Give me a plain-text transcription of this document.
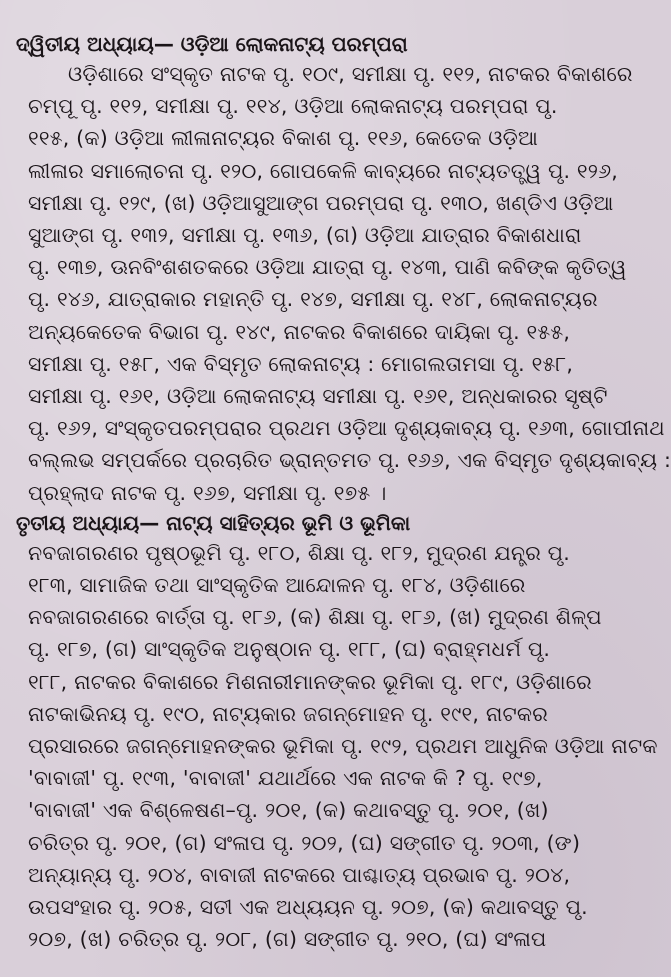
ଦ୍ୱିତୀୟ ଅଧ୍ୟାୟ— ଓଡ଼ିଆ ଲୋକନାଟ୍ୟ ପରମ୍ପରା
ଓଡ଼ିଶାରେ ସଂସ୍କୃତ ନାଟକ ପୃ. ୧୦୯, ସମୀକ୍ଷା ପୃ. ୧୧୨, ନାଟକର ବିକାଶରେ
ଚମ୍ପୂ ପୃ. ୧୧୨, ସମୀକ୍ଷା ପୃ. ୧୧୪, ଓଡ଼ିଆ ଲୋକନାଟ୍ୟ ପରମ୍ପରା ପୃ.
୧୧୫, (କ) ଓଡ଼ିଆ ଲୀଳାନାଟ୍ୟର ବିକାଶ ପୃ. ୧୧୬, କେତେକ ଓଡ଼ିଆ
ଲୀଳାର ସମାଲୋଚନା ପୃ. ୧୨୦, ଗୋପକେଳି କାବ୍ୟରେ ନାଟ୍ୟତତ୍ତ୍ୱ ପୃ. ୧୨୬,
ସମୀକ୍ଷା ପୃ. ୧୨୯, (ଖ) ଓଡ଼ିଆସୁଆଙ୍ଗ ପରମ୍ପରା ପୃ. ୧୩୦, ଖଣ୍ଡିଏ ଓଡ଼ିଆ
ସୁଆଙ୍ଗ ପୃ. ୧୩୨, ସମୀକ୍ଷା ପୃ. ୧୩୬, (ଗ) ଓଡ଼ିଆ ଯାତ୍ରାର ବିକାଶଧାରା
ପୃ. ୧୩୭, ଊନବିଂଶଶତକରେ ଓଡ଼ିଆ ଯାତ୍ରା ପୃ. ୧୪୩, ପାଣି କବିଙ୍କ କୃତିତ୍ୱ
ପୃ. ୧୪୬, ଯାତ୍ରାକାର ମହାନ୍ତି ପୃ. ୧୪୭, ସମୀକ୍ଷା ପୃ. ୧୪୮, ଲୋକନାଟ୍ୟର
ଅନ୍ୟକେତେକ ବିଭାଗ ପୃ. ୧୪୯, ନାଟକର ବିକାଶରେ ଦାୟିକା ପୃ. ୧୫୫,
ସମୀକ୍ଷା ପୃ. ୧୫୮, ଏକ ବିସ୍ମୃତ ଲୋକନାଟ୍ୟ : ମୋଗଲତାମସା ପୃ. ୧୫୮,
ସମୀକ୍ଷା ପୃ. ୧୬୧, ଓଡ଼ିଆ ଲୋକନାଟ୍ୟ ସମୀକ୍ଷା ପୃ. ୧୬୧, ଅନ୍ଧକାରର ସୃଷ୍ଟି
ପୃ. ୧୬୨, ସଂସ୍କୃତପରମ୍ପରାର ପ୍ରଥମ ଓଡ଼ିଆ ଦୃଶ୍ୟକାବ୍ୟ ପୃ. ୧୬୩, ଗୋପୀନାଥ
ବଲ୍ଲଭ ସମ୍ପର୍କରେ ପ୍ରଚାରିତ ଭ୍ରାନ୍ତମତ ପୃ. ୧୬୬, ଏକ ବିସ୍ମୃତ ଦୃଶ୍ୟକାବ୍ୟ :
ପ୍ରହ୍ଲାଦ ନାଟକ ପୃ. ୧୬୭, ସମୀକ୍ଷା ପୃ. ୧୭୫ ।
ତୃତୀୟ ଅଧ୍ୟାୟ— ନାଟ୍ୟ ସାହିତ୍ୟର ଭୂମି ଓ ଭୂମିକା
ନବଜାଗରଣର ପୃଷ୍ଠଭୂମି ପୃ. ୧୮୦, ଶିକ୍ଷା ପୃ. ୧୮୨, ମୁଦ୍ରଣ ଯନ୍ତ୍ର ପୃ.
୧୮୩, ସାମାଜିକ ତଥା ସାଂସ୍କୃତିକ ଆନ୍ଦୋଳନ ପୃ. ୧୮୪, ଓଡ଼ିଶାରେ
ନବଜାଗରଣରେ ବାର୍ତ୍ତା ପୃ. ୧୮୬, (କ) ଶିକ୍ଷା ପୃ. ୧୮୬, (ଖ) ମୁଦ୍ରଣ ଶିଳ୍ପ
ପୃ. ୧୮୭, (ଗ) ସାଂସ୍କୃତିକ ଅନୁଷ୍ଠାନ ପୃ. ୧୮୮, (ଘ) ବ୍ରାହ୍ମଧର୍ମ ପୃ.
୧୮୮, ନାଟକର ବିକାଶରେ ମିଶନାରୀମାନଙ୍କର ଭୂମିକା ପୃ. ୧୮୯, ଓଡ଼ିଶାରେ
ନାଟକାଭିନୟ ପୃ. ୧୯୦, ନାଟ୍ୟକାର ଜଗନ୍ମୋହନ ପୃ. ୧୯୧, ନାଟକର
ପ୍ରସାରରେ ଜଗନ୍ମୋହନଙ୍କର ଭୂମିକା ପୃ. ୧୯୨, ପ୍ରଥମ ଆଧୁନିକ ଓଡ଼ିଆ ନାଟକ
'ବାବାଜୀ' ପୃ. ୧୯୩, 'ବାବାଜୀ' ଯଥାର୍ଥରେ ଏକ ନାଟକ କି ? ପୃ. ୧୯୭,
'ବାବାଜୀ' ଏକ ବିଶ୍ଳେଷଣ–ପୃ. ୨୦୧, (କ) କଥାବସ୍ତୁ ପୃ. ୨୦୧, (ଖ)
ଚରିତ୍ର ପୃ. ୨୦୧, (ଗ) ସଂଳାପ ପୃ. ୨୦୨, (ଘ) ସଙ୍ଗୀତ ପୃ. ୨୦୩, (ଙ)
ଅନ୍ୟାନ୍ୟ ପୃ. ୨୦୪, ବାବାଜୀ ନାଟକରେ ପାଶ୍ଚାତ୍ୟ ପ୍ରଭାବ ପୃ. ୨୦୪,
ଉପସଂହାର ପୃ. ୨୦୫, ସତୀ ଏକ ଅଧ୍ୟୟନ ପୃ. ୨୦୭, (କ) କଥାବସ୍ତୁ ପୃ.
୨୦୭, (ଖ) ଚରିତ୍ର ପୃ. ୨୦୮, (ଗ) ସଙ୍ଗୀତ ପୃ. ୨୧୦, (ଘ) ସଂଳାପ
